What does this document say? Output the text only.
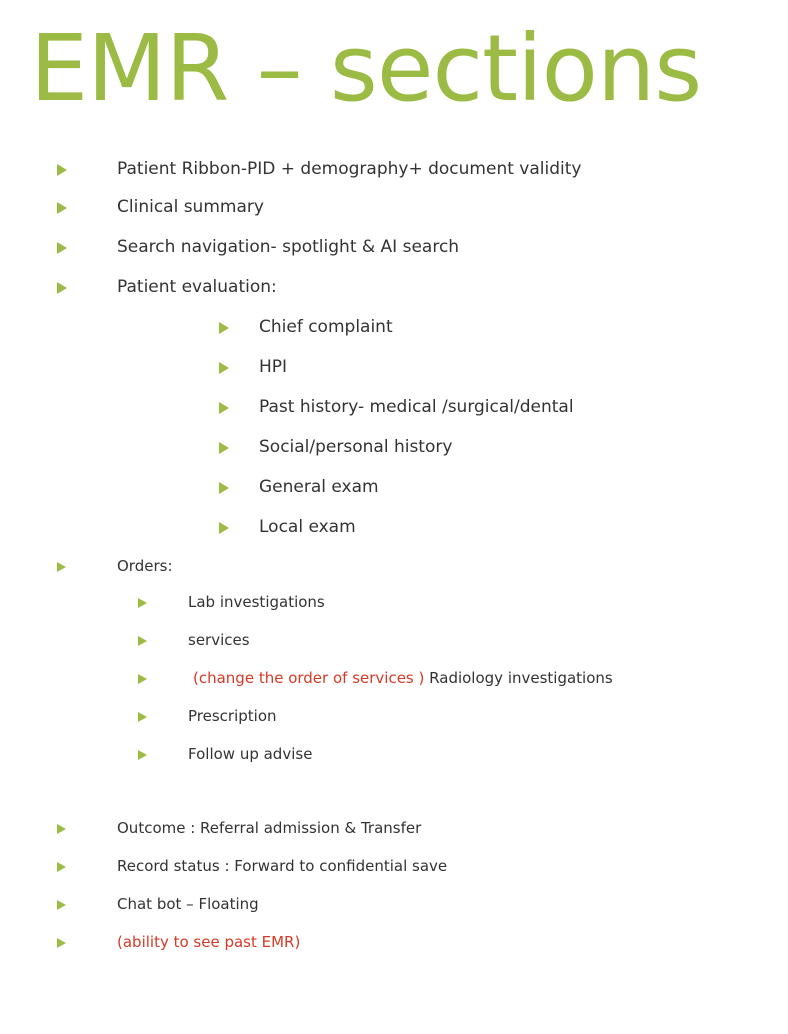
EMR – sections
Patient Ribbon-PID + demography+ document validity
Clinical summary
Search navigation- spotlight & AI search
Patient evaluation:
Chief complaint
HPI
Past history- medical /surgical/dental
Social/personal history
General exam
Local exam
Orders:
Lab investigations
services
(change the order of services ) Radiology investigations
Prescription
Follow up advise
Outcome : Referral admission & Transfer
Record status : Forward to confidential save
Chat bot – Floating
(ability to see past EMR)
